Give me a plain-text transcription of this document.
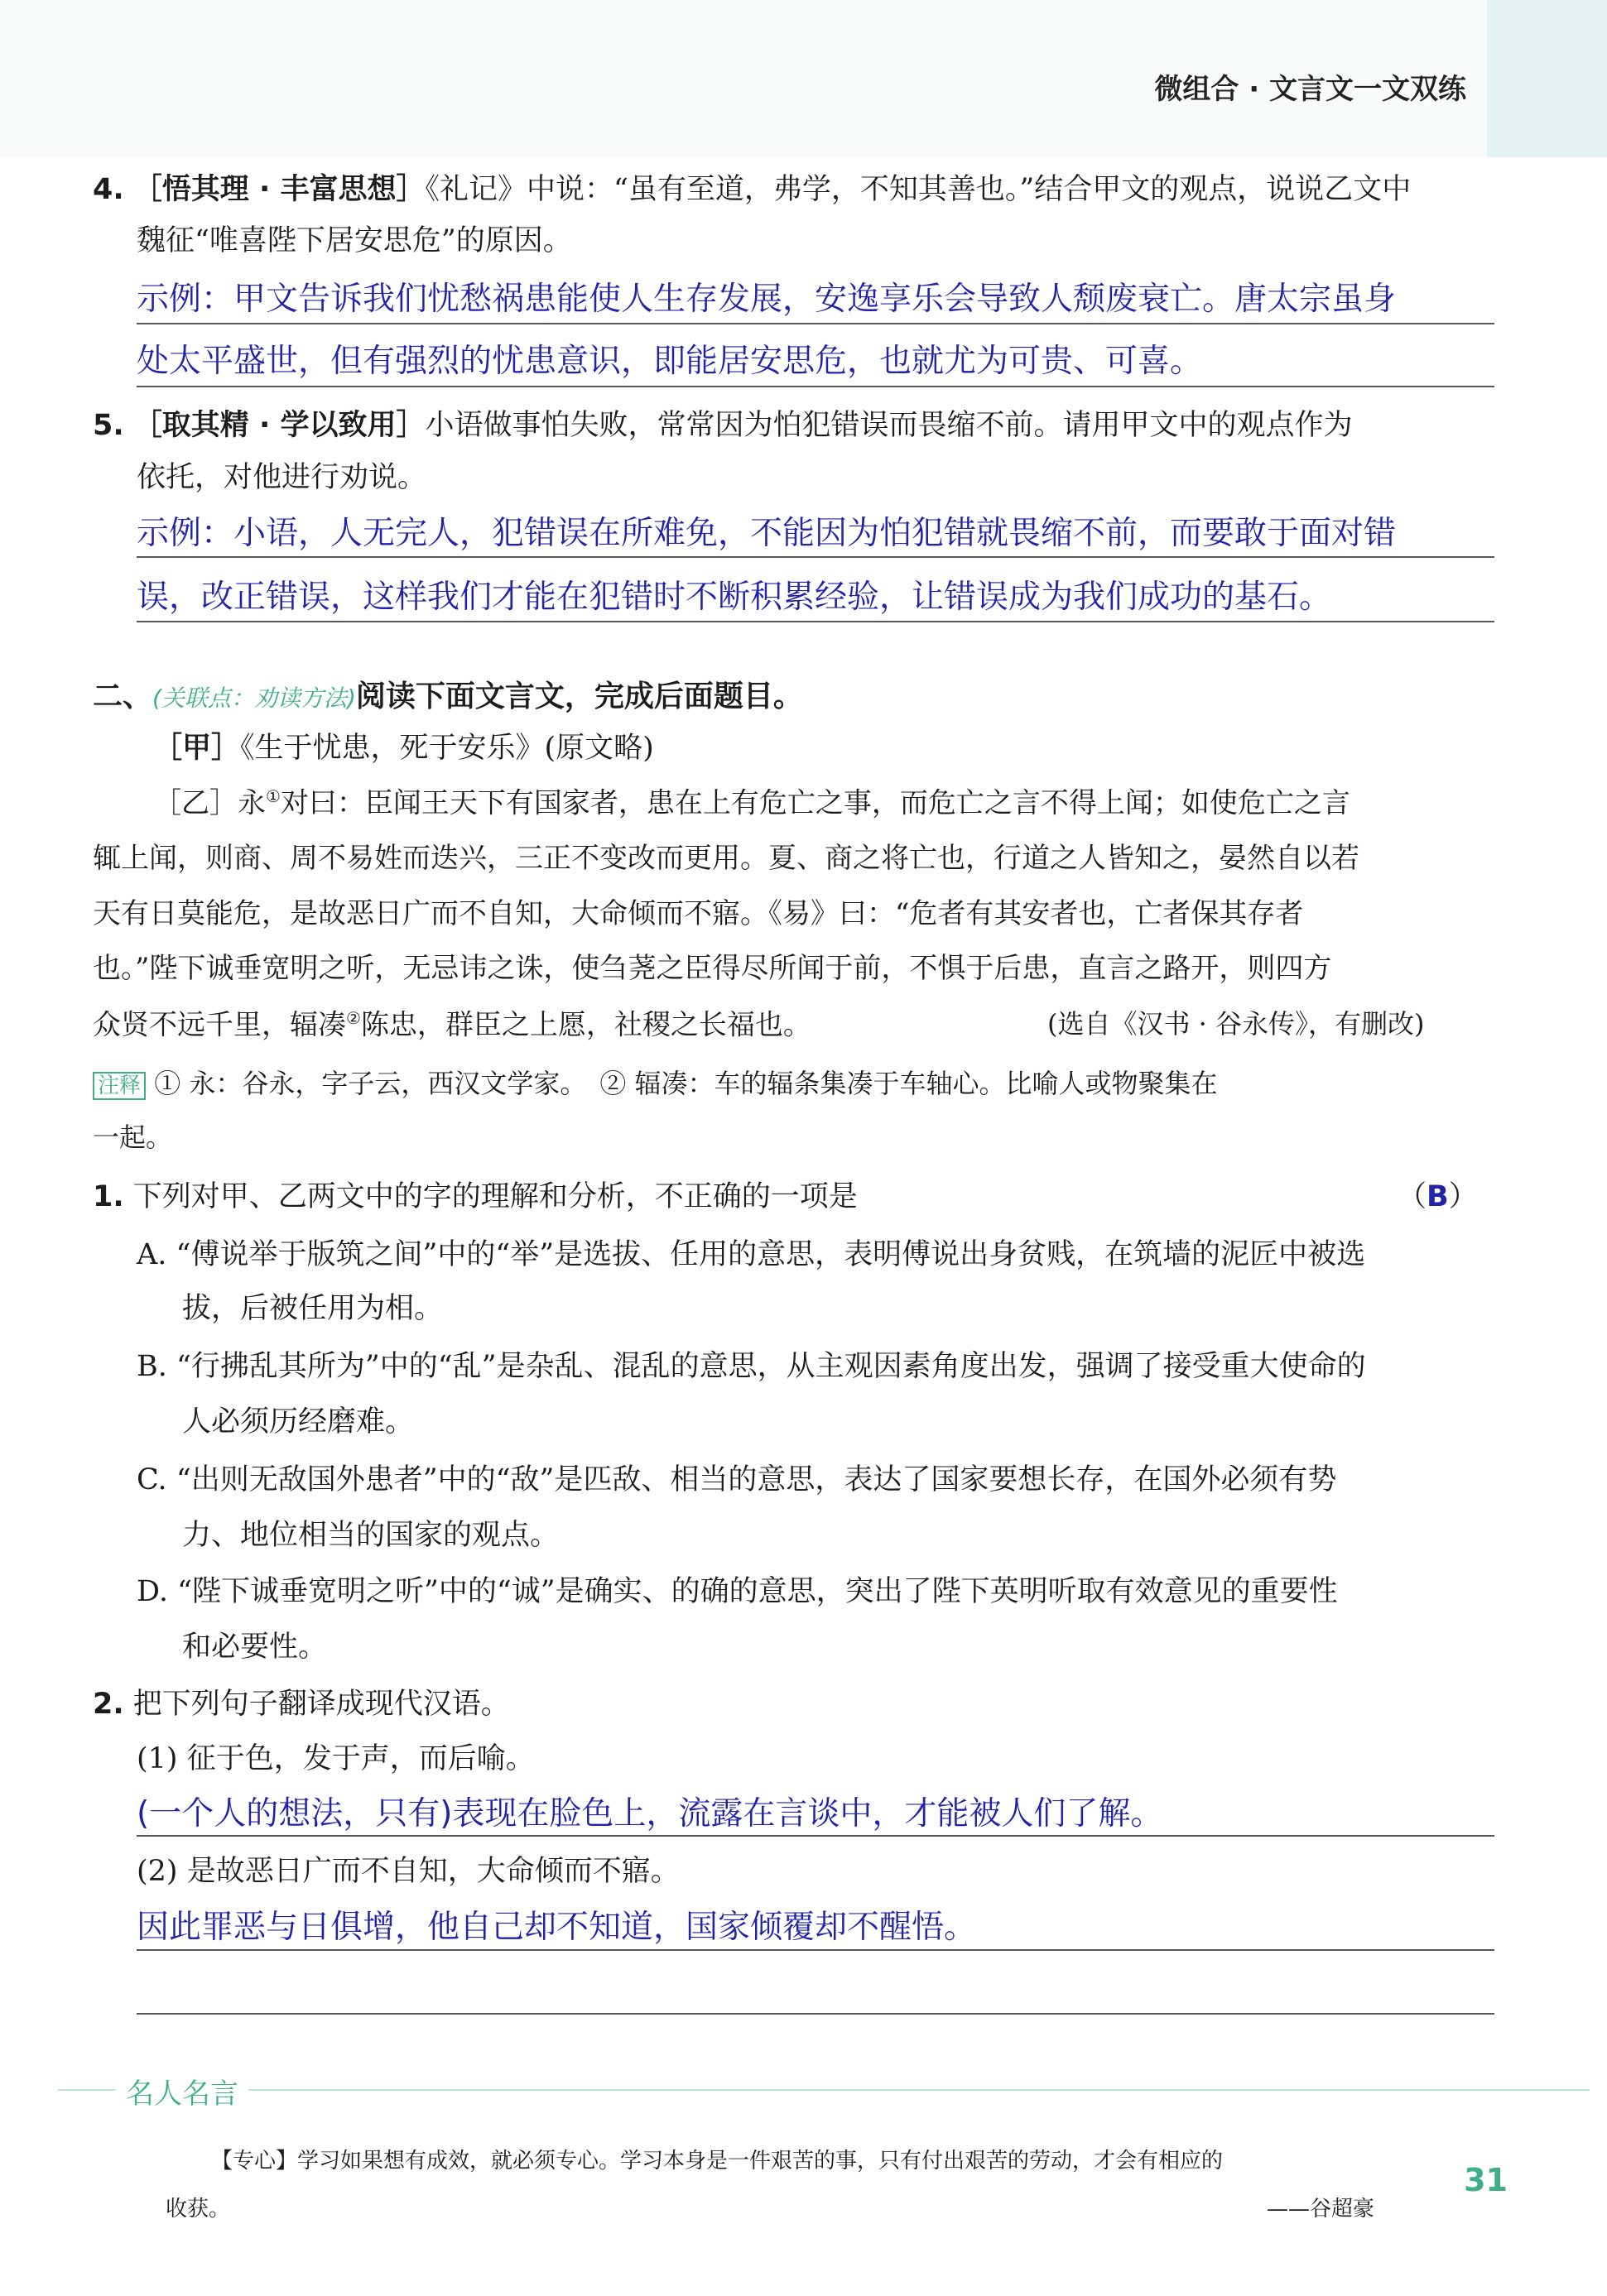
微组合 · 文言文一文双练
4. ［悟其理 · 丰富思想］《礼记》中说：“虽有至道，弗学，不知其善也。”结合甲文的观点，说说乙文中
魏征“唯喜陛下居安思危”的原因。
示例：甲文告诉我们忧愁祸患能使人生存发展，安逸享乐会导致人颓废衰亡。唐太宗虽身
处太平盛世，但有强烈的忧患意识，即能居安思危，也就尤为可贵、可喜。
5. ［取其精 · 学以致用］小语做事怕失败，常常因为怕犯错误而畏缩不前。请用甲文中的观点作为
依托，对他进行劝说。
示例：小语，人无完人，犯错误在所难免，不能因为怕犯错就畏缩不前，而要敢于面对错
误，改正错误，这样我们才能在犯错时不断积累经验，让错误成为我们成功的基石。
二、(关联点：劝读方法)阅读下面文言文，完成后面题目。
［甲］《生于忧患，死于安乐》(原文略)
［乙］永①对曰：臣闻王天下有国家者，患在上有危亡之事，而危亡之言不得上闻；如使危亡之言
辄上闻，则商、周不易姓而迭兴，三正不变改而更用。夏、商之将亡也，行道之人皆知之，晏然自以若
天有日莫能危，是故恶日广而不自知，大命倾而不寤。《易》曰：“危者有其安者也，亡者保其存者
也。”陛下诚垂宽明之听，无忌讳之诛，使刍荛之臣得尽所闻于前，不惧于后患，直言之路开，则四方
众贤不远千里，辐凑②陈忠，群臣之上愿，社稷之长福也。	(选自《汉书 · 谷永传》，有删改)
注释 ① 永：谷永，字子云，西汉文学家。　② 辐凑：车的辐条集凑于车轴心。比喻人或物聚集在
一起。
1. 下列对甲、乙两文中的字的理解和分析，不正确的一项是	（B）
A. “傅说举于版筑之间”中的“举”是选拔、任用的意思，表明傅说出身贫贱，在筑墙的泥匠中被选
拔，后被任用为相。
B. “行拂乱其所为”中的“乱”是杂乱、混乱的意思，从主观因素角度出发，强调了接受重大使命的
人必须历经磨难。
C. “出则无敌国外患者”中的“敌”是匹敌、相当的意思，表达了国家要想长存，在国外必须有势
力、地位相当的国家的观点。
D. “陛下诚垂宽明之听”中的“诚”是确实、的确的意思，突出了陛下英明听取有效意见的重要性
和必要性。
2. 把下列句子翻译成现代汉语。
(1) 征于色，发于声，而后喻。
(一个人的想法，只有)表现在脸色上，流露在言谈中，才能被人们了解。
(2) 是故恶日广而不自知，大命倾而不寤。
因此罪恶与日俱增，他自己却不知道，国家倾覆却不醒悟。
名人名言
【专心】学习如果想有成效，就必须专心。学习本身是一件艰苦的事，只有付出艰苦的劳动，才会有相应的
收获。	——谷超豪
31
